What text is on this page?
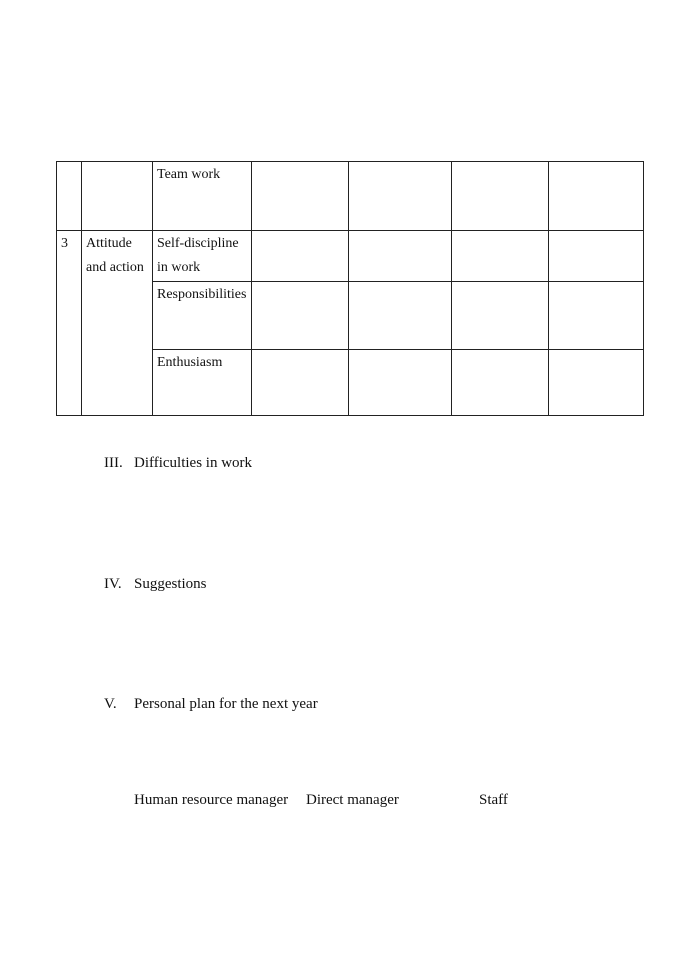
		Team work				
3	Attitude and action	Self-discipline in work				
		Responsibilities				
		Enthusiasm				
III. Difficulties in work
IV. Suggestions
V. Personal plan for the next year
Human resource manager Direct manager	Staff
